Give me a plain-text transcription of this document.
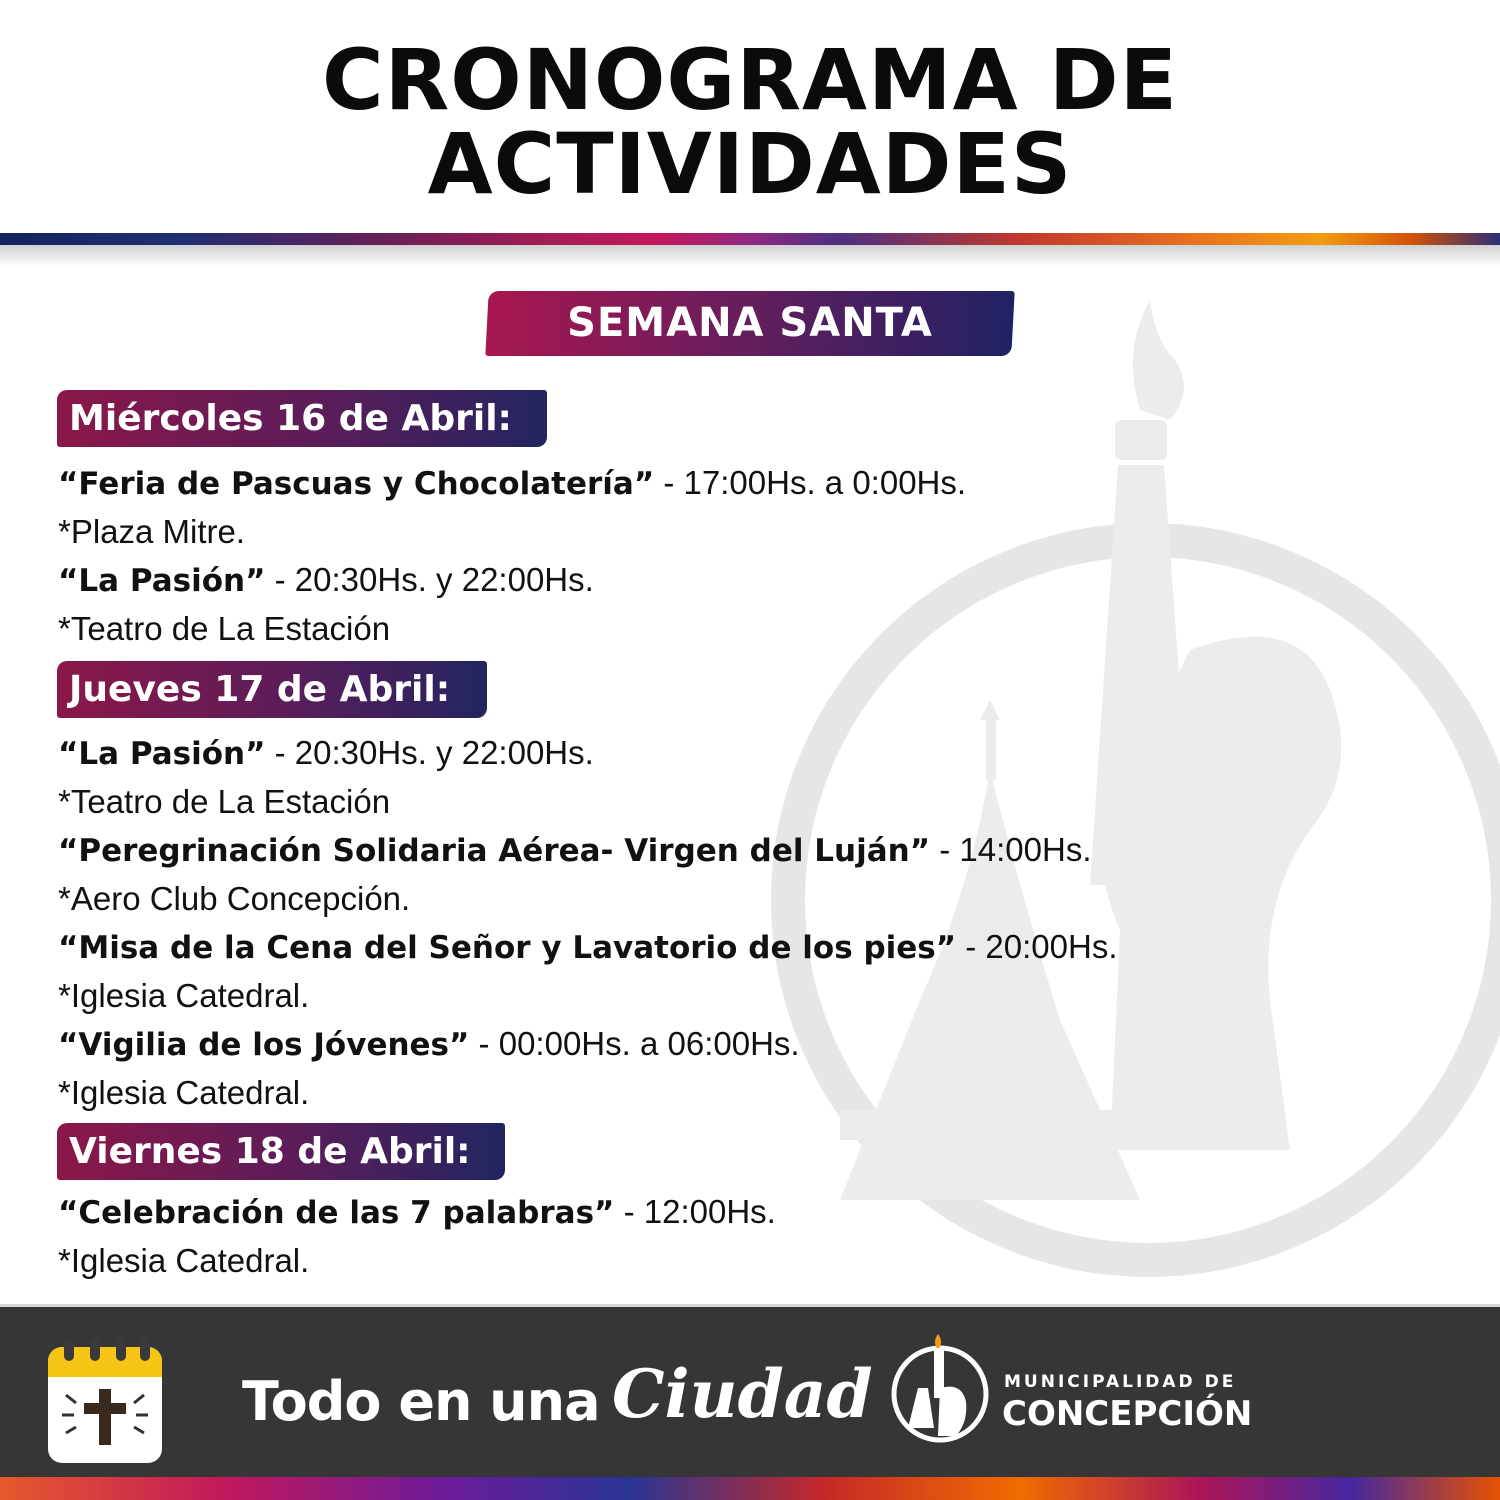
CRONOGRAMA DE
ACTIVIDADES
SEMANA SANTA
Miércoles 16 de Abril:
“Feria de Pascuas y Chocolatería” - 17:00Hs. a 0:00Hs.
*Plaza Mitre.
“La Pasión” - 20:30Hs. y 22:00Hs.
*Teatro de La Estación
Jueves 17 de Abril:
“La Pasión” - 20:30Hs. y 22:00Hs.
*Teatro de La Estación
“Peregrinación Solidaria Aérea- Virgen del Luján” - 14:00Hs.
*Aero Club Concepción.
“Misa de la Cena del Señor y Lavatorio de los pies” - 20:00Hs.
*Iglesia Catedral.
“Vigilia de los Jóvenes” - 00:00Hs. a 06:00Hs.
*Iglesia Catedral.
Viernes 18 de Abril:
“Celebración de las 7 palabras” - 12:00Hs.
*Iglesia Catedral.
Todo en una Ciudad	MUNICIPALIDAD DE
CONCEPCIÓN
